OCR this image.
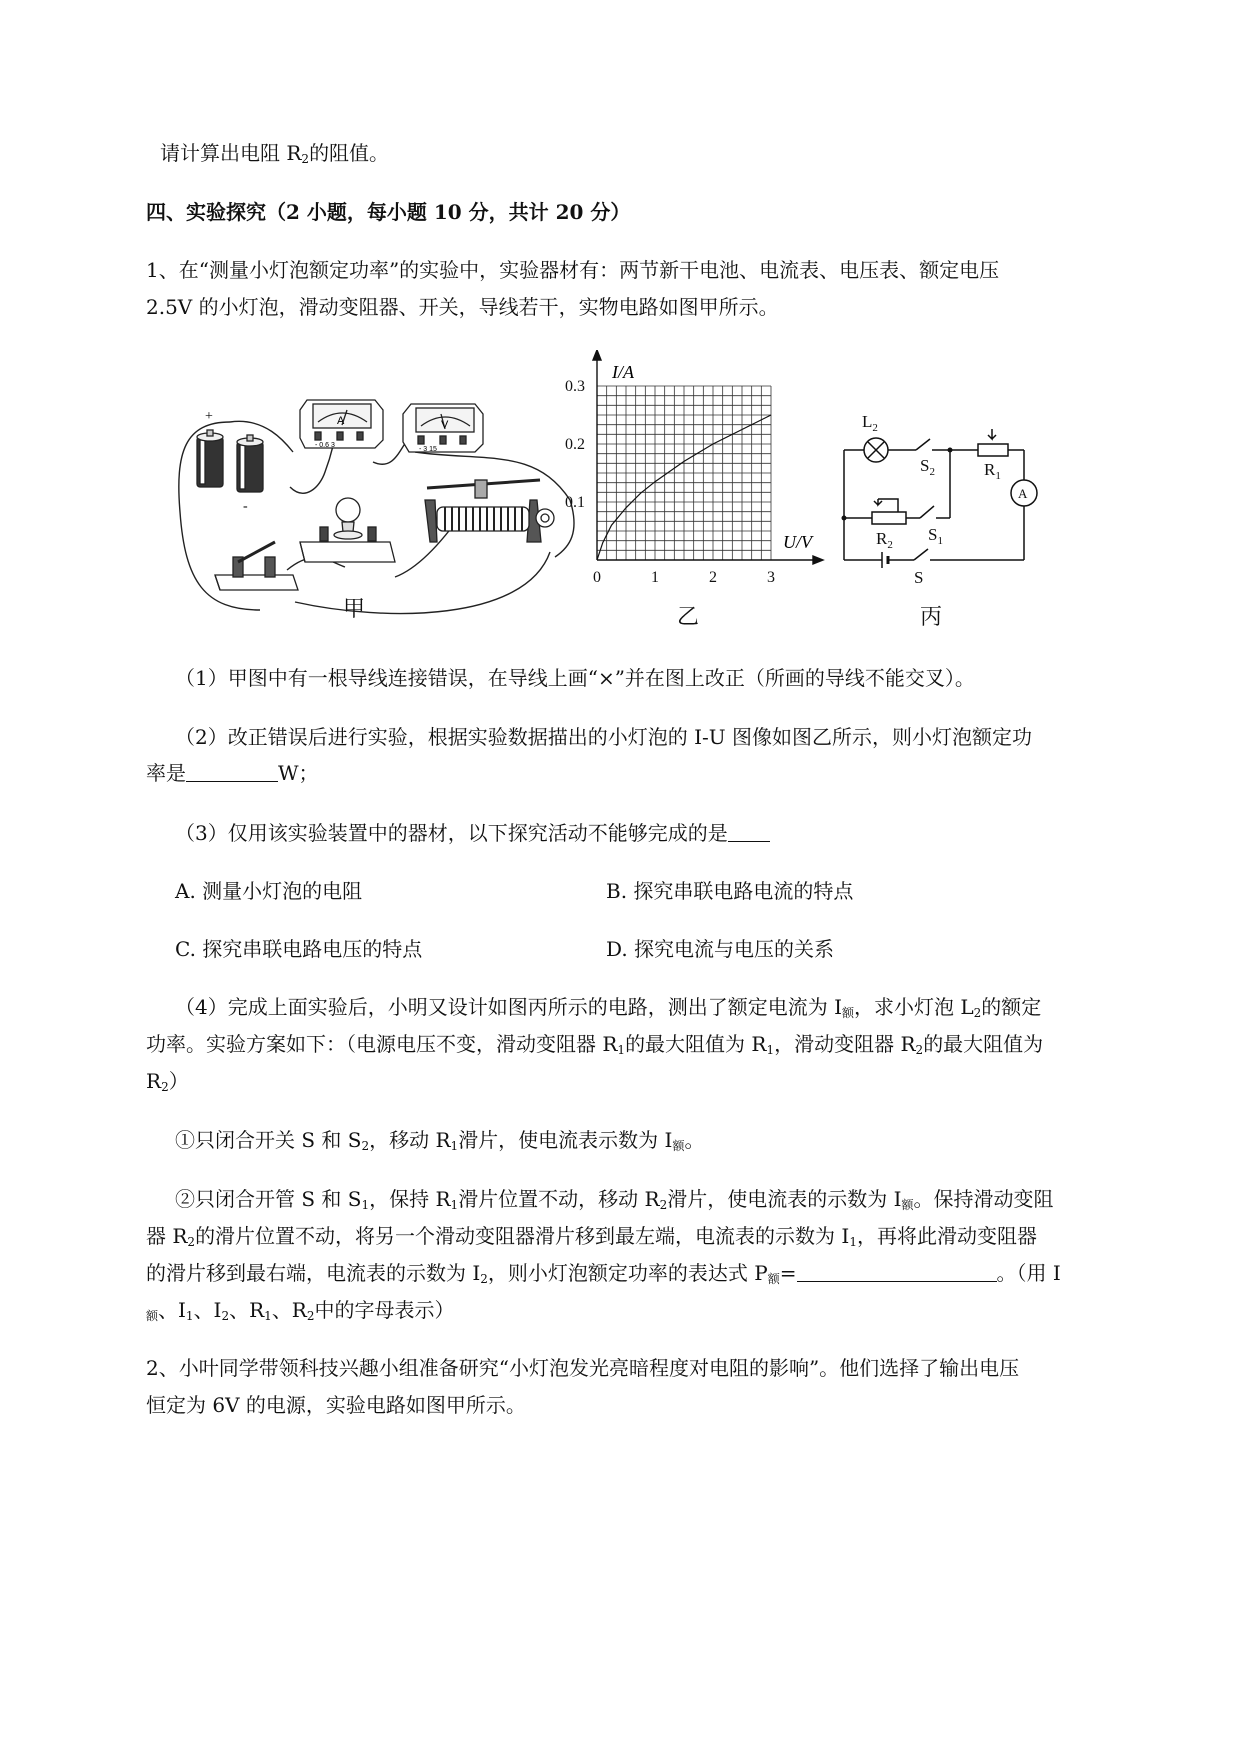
请计算出电阻 $R_2$的阻值。
四、实验探究（2 小题，每小题 10 分，共计 20 分）
1、在“测量小灯泡额定功率”的实验中，实验器材有：两节新干电池、电流表、电压表、额定电压
2.5V 的小灯泡，滑动变阻器、开关，导线若干，实物电路如图甲所示。
+
-
A
- 0.6 3
V
- 3 15
甲
0	1	2	3
0.1
0.2
0.3
I/A
U/V
乙
$L_2$
$S_2$	$R_1$
A
$R_2$
$S_1$
S
丙
（1）甲图中有一根导线连接错误，在导线上画“×”并在图上改正（所画的导线不能交叉）。
（2）改正错误后进行实验，根据实验数据描出的小灯泡的 I-U 图像如图乙所示，则小灯泡额定功
率是	W；
（3）仅用该实验装置中的器材，以下探究活动不能够完成的是
A. 测量小灯泡的电阻	B. 探究串联电路电流的特点
C. 探究串联电路电压的特点	D. 探究电流与电压的关系
（4）完成上面实验后，小明又设计如图丙所示的电路，测出了额定电流为 $I_额$，求小灯泡 $L_2$的额定
功率。实验方案如下：（电源电压不变，滑动变阻器 $R_1$的最大阻值为 $R_1$，滑动变阻器 $R_2$的最大阻值为
$R_2$）
①只闭合开关 S 和 $S_2$，移动 $R_1$滑片，使电流表示数为 $I_额$。
②只闭合开管 S 和 $S_1$，保持 $R_1$滑片位置不动，移动 $R_2$滑片，使电流表的示数为 $I_额$。保持滑动变阻
器 $R_2$的滑片位置不动，将另一个滑动变阻器滑片移到最左端，电流表的示数为 $I_1$，再将此滑动变阻器
的滑片移到最右端，电流表的示数为 $I_2$，则小灯泡额定功率的表达式 $P_额=$	。（用 I
$_额$、$I_1$、$I_2$、$R_1$、$R_2$中的字母表示）
2、小叶同学带领科技兴趣小组准备研究“小灯泡发光亮暗程度对电阻的影响”。他们选择了输出电压
恒定为 6V 的电源，实验电路如图甲所示。
